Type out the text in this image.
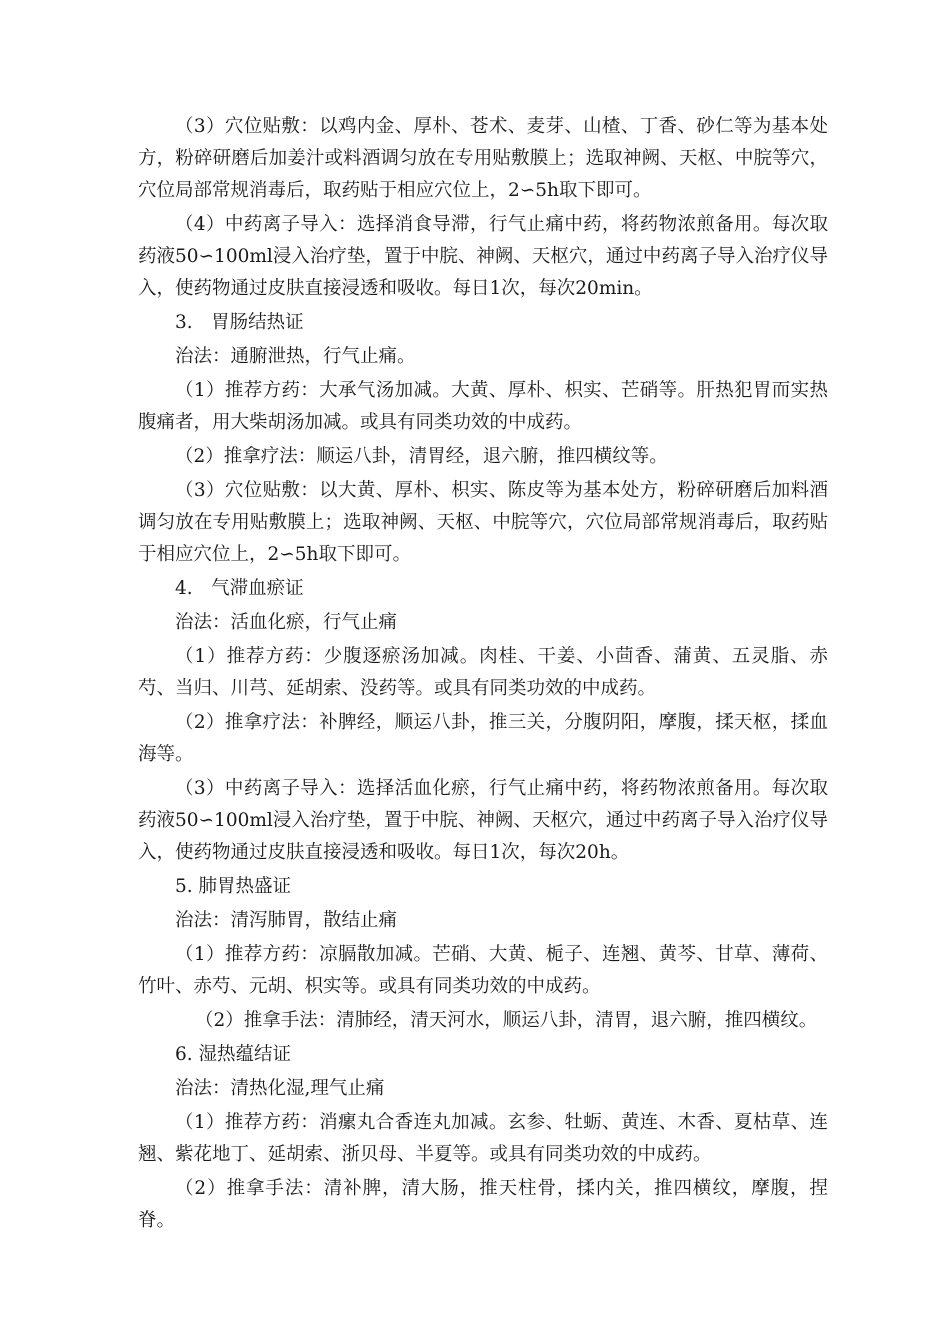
（3）穴位贴敷：以鸡内金、厚朴、苍术、麦芽、山楂、丁香、砂仁等为基本处方，粉碎研磨后加姜汁或料酒调匀放在专用贴敷膜上；选取神阙、天枢、中脘等穴，穴位局部常规消毒后，取药贴于相应穴位上，2∽5h取下即可。
（4）中药离子导入：选择消食导滞，行气止痛中药，将药物浓煎备用。每次取药液50∽100ml浸入治疗垫，置于中脘、神阙、天枢穴，通过中药离子导入治疗仪导入，使药物通过皮肤直接浸透和吸收。每日1次，每次20min。
3.　胃肠结热证
治法：通腑泄热，行气止痛。
（1）推荐方药：大承气汤加减。大黄、厚朴、枳实、芒硝等。肝热犯胃而实热腹痛者，用大柴胡汤加减。或具有同类功效的中成药。
（2）推拿疗法：顺运八卦，清胃经，退六腑，推四横纹等。
（3）穴位贴敷：以大黄、厚朴、枳实、陈皮等为基本处方，粉碎研磨后加料酒调匀放在专用贴敷膜上；选取神阙、天枢、中脘等穴，穴位局部常规消毒后，取药贴于相应穴位上，2∽5h取下即可。
4.　气滞血瘀证
治法：活血化瘀，行气止痛
（1）推荐方药：少腹逐瘀汤加减。肉桂、干姜、小茴香、蒲黄、五灵脂、赤芍、当归、川芎、延胡索、没药等。或具有同类功效的中成药。
（2）推拿疗法：补脾经，顺运八卦，推三关，分腹阴阳，摩腹，揉天枢，揉血海等。
（3）中药离子导入：选择活血化瘀，行气止痛中药，将药物浓煎备用。每次取药液50∽100ml浸入治疗垫，置于中脘、神阙、天枢穴，通过中药离子导入治疗仪导入，使药物通过皮肤直接浸透和吸收。每日1次，每次20h。
5. 肺胃热盛证
治法：清泻肺胃，散结止痛
（1）推荐方药：凉膈散加减。芒硝、大黄、栀子、连翘、黄芩、甘草、薄荷、竹叶、赤芍、元胡、枳实等。或具有同类功效的中成药。
（2）推拿手法：清肺经，清天河水，顺运八卦，清胃，退六腑，推四横纹。
6. 湿热蕴结证
治法：清热化湿,理气止痛
（1）推荐方药：消瘰丸合香连丸加减。玄参、牡蛎、黄连、木香、夏枯草、连翘、紫花地丁、延胡索、浙贝母、半夏等。或具有同类功效的中成药。
（2）推拿手法：清补脾，清大肠，推天柱骨，揉内关，推四横纹，摩腹，捏脊。
